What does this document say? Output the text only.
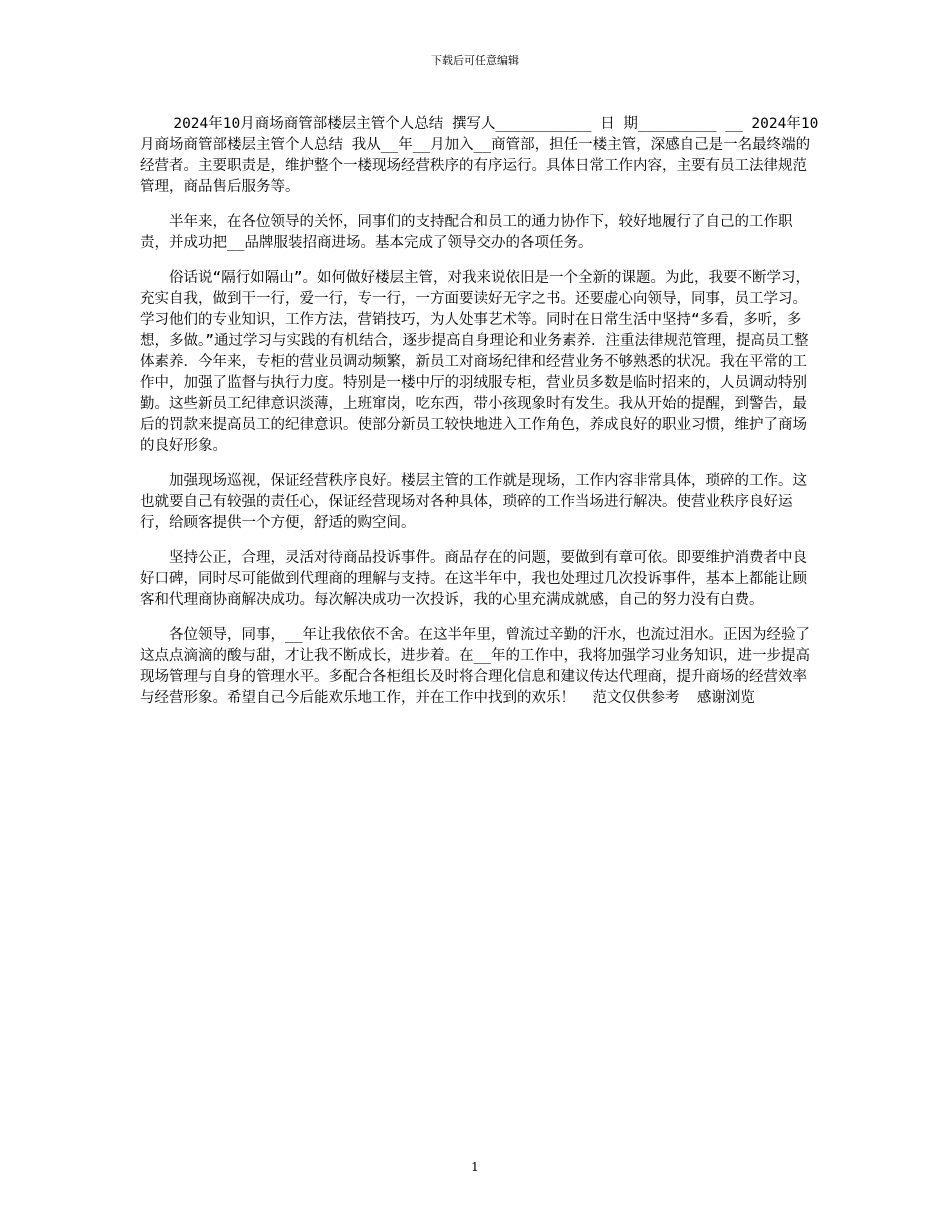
下载后可任意编辑

2024年10月商场商管部楼层主管个人总结 撰写人___________ 日 期_________ __ 2024年10月商场商管部楼层主管个人总结 我从__年__月加入__商管部，担任一楼主管，深感自己是一名最终端的经营者。主要职责是，维护整个一楼现场经营秩序的有序运行。具体日常工作内容，主要有员工法律规范管理，商品售后服务等。

半年来，在各位领导的关怀，同事们的支持配合和员工的通力协作下，较好地履行了自己的工作职责，并成功把__品牌服装招商进场。基本完成了领导交办的各项任务。

俗话说“隔行如隔山”。如何做好楼层主管，对我来说依旧是一个全新的课题。为此，我要不断学习，充实自我，做到干一行，爱一行，专一行，一方面要读好无字之书。还要虚心向领导，同事，员工学习。学习他们的专业知识，工作方法，营销技巧，为人处事艺术等。同时在日常生活中坚持“多看，多听，多想，多做。”通过学习与实践的有机结合，逐步提高自身理论和业务素养．注重法律规范管理，提高员工整体素养．今年来，专柜的营业员调动频繁，新员工对商场纪律和经营业务不够熟悉的状况。我在平常的工作中，加强了监督与执行力度。特别是一楼中厅的羽绒服专柜，营业员多数是临时招来的，人员调动特别勤。这些新员工纪律意识淡薄，上班窜岗，吃东西，带小孩现象时有发生。我从开始的提醒，到警告，最后的罚款来提高员工的纪律意识。使部分新员工较快地进入工作角色，养成良好的职业习惯，维护了商场的良好形象。

加强现场巡视，保证经营秩序良好。楼层主管的工作就是现场，工作内容非常具体，琐碎的工作。这也就要自己有较强的责任心，保证经营现场对各种具体，琐碎的工作当场进行解决。使营业秩序良好运行，给顾客提供一个方便，舒适的购空间。

坚持公正，合理，灵活对待商品投诉事件。商品存在的问题，要做到有章可依。即要维护消费者中良好口碑，同时尽可能做到代理商的理解与支持。在这半年中，我也处理过几次投诉事件，基本上都能让顾客和代理商协商解决成功。每次解决成功一次投诉，我的心里充满成就感，自己的努力没有白费。

各位领导，同事，__年让我依依不舍。在这半年里，曾流过辛勤的汗水，也流过泪水。正因为经验了这点点滴滴的酸与甜，才让我不断成长，进步着。在__年的工作中，我将加强学习业务知识，进一步提高现场管理与自身的管理水平。多配合各柜组长及时将合理化信息和建议传达代理商，提升商场的经营效率与经营形象。希望自己今后能欢乐地工作，并在工作中找到的欢乐！  范文仅供参考  感谢浏览

1
